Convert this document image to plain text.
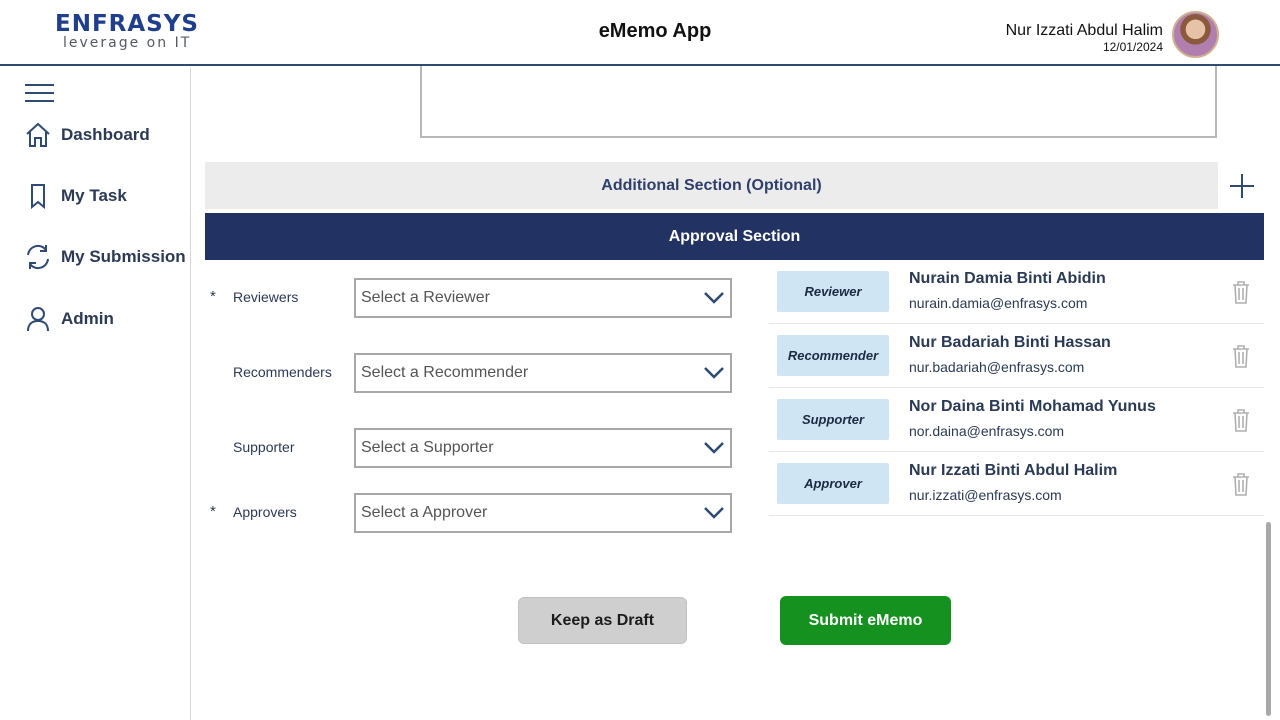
ENFRASYS
leverage on IT
eMemo App	Nur Izzati Abdul Halim
12/01/2024
Dashboard
My Task
My Submission
Admin
Additional Section (Optional)
Approval Section
* Reviewers	Select a Reviewer
Recommenders Select a Recommender
Supporter	Select a Supporter
* Approvers	Select a Approver
Reviewer
Nurain Damia Binti Abidin
nurain.damia@enfrasys.com
Recommender
Nur Badariah Binti Hassan
nur.badariah@enfrasys.com
Supporter
Nor Daina Binti Mohamad Yunus
nor.daina@enfrasys.com
Approver
Nur Izzati Binti Abdul Halim
nur.izzati@enfrasys.com
Keep as Draft	Submit eMemo
